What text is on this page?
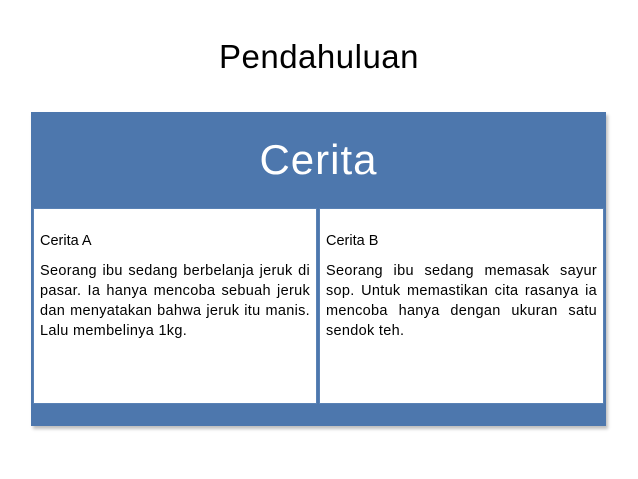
Pendahuluan
Cerita

Cerita A

Seorang ibu sedang berbelanja jeruk di pasar. Ia hanya mencoba sebuah jeruk dan menyatakan bahwa jeruk itu manis. Lalu membelinya 1kg.

Cerita B

Seorang ibu sedang memasak sayur sop. Untuk memastikan cita rasanya ia mencoba hanya dengan ukuran satu sendok teh.
